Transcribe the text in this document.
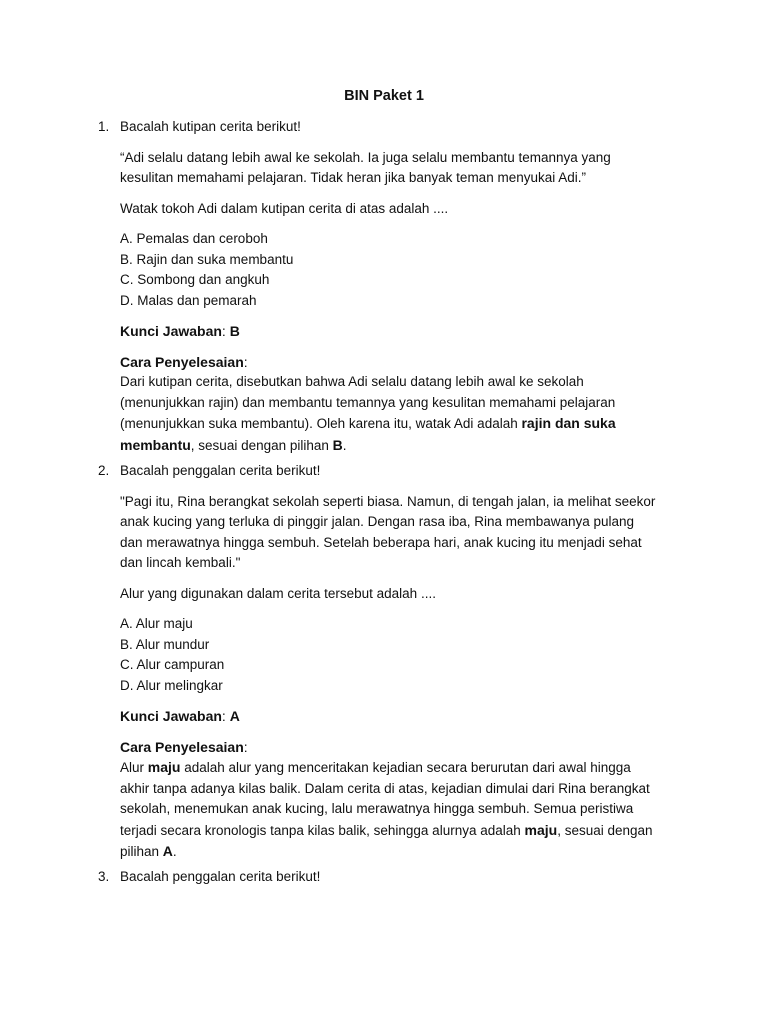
BIN Paket 1
1. Bacalah kutipan cerita berikut!

“Adi selalu datang lebih awal ke sekolah. Ia juga selalu membantu temannya yang kesulitan memahami pelajaran. Tidak heran jika banyak teman menyukai Adi.”

Watak tokoh Adi dalam kutipan cerita di atas adalah ....

A. Pemalas dan ceroboh

B. Rajin dan suka membantu

C. Sombong dan angkuh

D. Malas dan pemarah

Kunci Jawaban: B

Cara Penyelesaian:

Dari kutipan cerita, disebutkan bahwa Adi selalu datang lebih awal ke sekolah (menunjukkan rajin) dan membantu temannya yang kesulitan memahami pelajaran (menunjukkan suka membantu). Oleh karena itu, watak Adi adalah rajin dan suka membantu, sesuai dengan pilihan B.

2. Bacalah penggalan cerita berikut!

"Pagi itu, Rina berangkat sekolah seperti biasa. Namun, di tengah jalan, ia melihat seekor anak kucing yang terluka di pinggir jalan. Dengan rasa iba, Rina membawanya pulang dan merawatnya hingga sembuh. Setelah beberapa hari, anak kucing itu menjadi sehat dan lincah kembali."

Alur yang digunakan dalam cerita tersebut adalah ....

A. Alur maju

B. Alur mundur

C. Alur campuran

D. Alur melingkar

Kunci Jawaban: A

Cara Penyelesaian:

Alur maju adalah alur yang menceritakan kejadian secara berurutan dari awal hingga akhir tanpa adanya kilas balik. Dalam cerita di atas, kejadian dimulai dari Rina berangkat sekolah, menemukan anak kucing, lalu merawatnya hingga sembuh. Semua peristiwa terjadi secara kronologis tanpa kilas balik, sehingga alurnya adalah maju, sesuai dengan pilihan A.

3. Bacalah penggalan cerita berikut!
